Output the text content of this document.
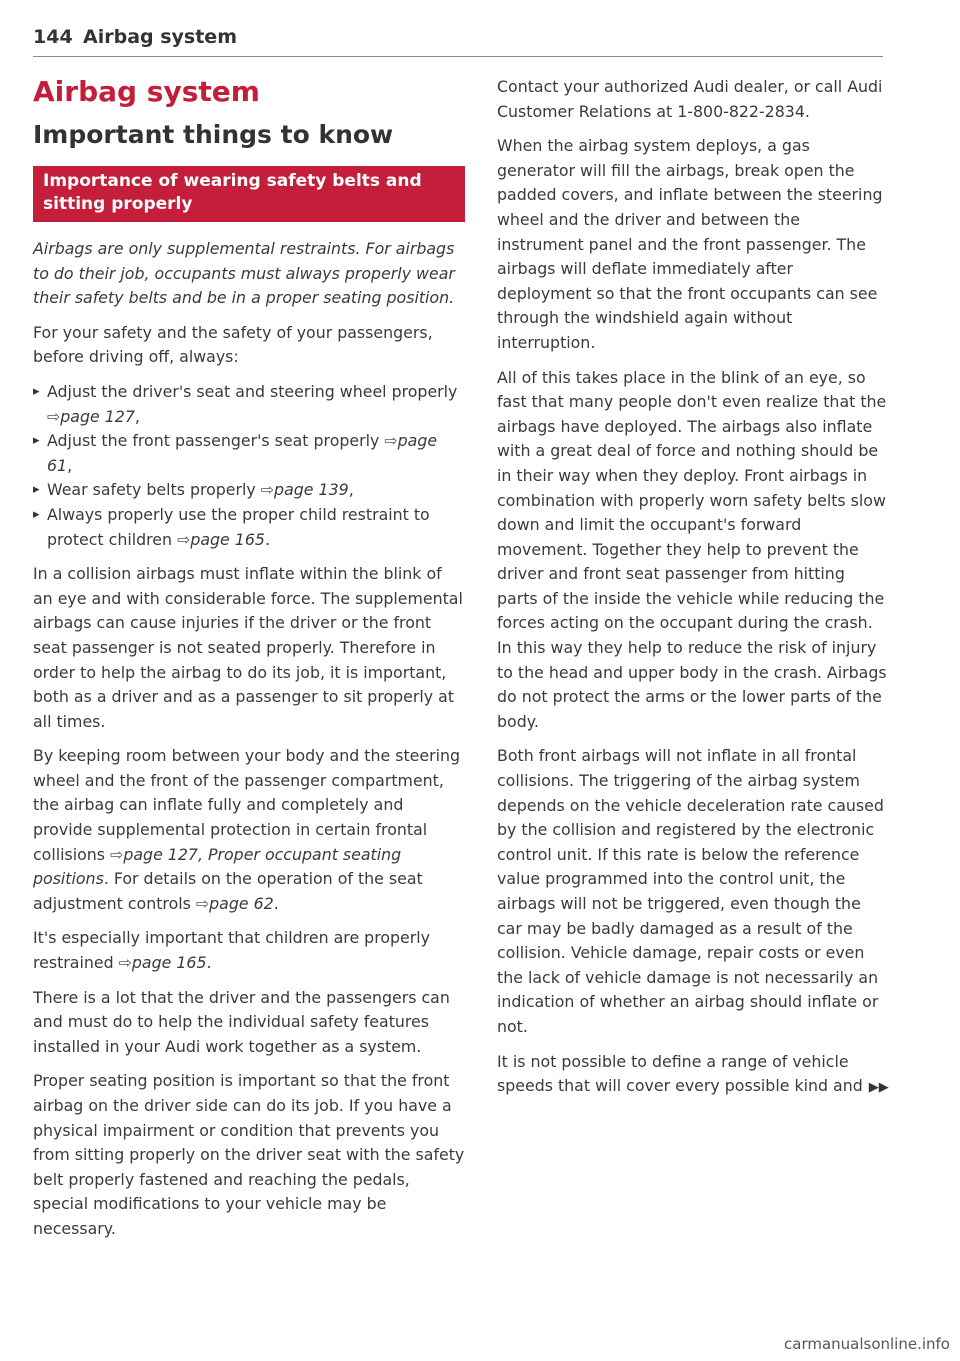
144 Airbag system
Airbag system
Important things to know
Importance of wearing safety belts and sitting properly

Airbags are only supplemental restraints. For airbags to do their job, occupants must always properly wear their safety belts and be in a proper seating position.

For your safety and the safety of your passengers, before driving off, always:

▸ Adjust the driver's seat and steering wheel properly ⇨page 127,
▸ Adjust the front passenger's seat properly ⇨page 61,
▸ Wear safety belts properly ⇨page 139,
▸ Always properly use the proper child restraint to protect children ⇨page 165.

In a collision airbags must inflate within the blink of an eye and with considerable force. The supplemental airbags can cause injuries if the driver or the front seat passenger is not seated properly. Therefore in order to help the airbag to do its job, it is important, both as a driver and as a passenger to sit properly at all times.

By keeping room between your body and the steering wheel and the front of the passenger compartment, the airbag can inflate fully and completely and provide supplemental protection in certain frontal collisions ⇨page 127, Proper occupant seating positions. For details on the operation of the seat adjustment controls ⇨page 62.

It's especially important that children are properly restrained ⇨page 165.

There is a lot that the driver and the passengers can and must do to help the individual safety features installed in your Audi work together as a system.

Proper seating position is important so that the front airbag on the driver side can do its job. If you have a physical impairment or condition that prevents you from sitting properly on the driver seat with the safety belt properly fastened and reaching the pedals, special modifications to your vehicle may be necessary.

Contact your authorized Audi dealer, or call Audi Customer Relations at 1-800-822-2834.

When the airbag system deploys, a gas generator will fill the airbags, break open the padded covers, and inflate between the steering wheel and the driver and between the instrument panel and the front passenger. The airbags will deflate immediately after deployment so that the front occupants can see through the windshield again without interruption.

All of this takes place in the blink of an eye, so fast that many people don't even realize that the airbags have deployed. The airbags also inflate with a great deal of force and nothing should be in their way when they deploy. Front airbags in combination with properly worn safety belts slow down and limit the occupant's forward movement. Together they help to prevent the driver and front seat passenger from hitting parts of the inside the vehicle while reducing the forces acting on the occupant during the crash. In this way they help to reduce the risk of injury to the head and upper body in the crash. Airbags do not protect the arms or the lower parts of the body.

Both front airbags will not inflate in all frontal collisions. The triggering of the airbag system depends on the vehicle deceleration rate caused by the collision and registered by the electronic control unit. If this rate is below the reference value programmed into the control unit, the airbags will not be triggered, even though the car may be badly damaged as a result of the collision. Vehicle damage, repair costs or even the lack of vehicle damage is not necessarily an indication of whether an airbag should inflate or not.

It is not possible to define a range of vehicle speeds that will cover every possible kind and ▶▶

carmanualsonline.info
